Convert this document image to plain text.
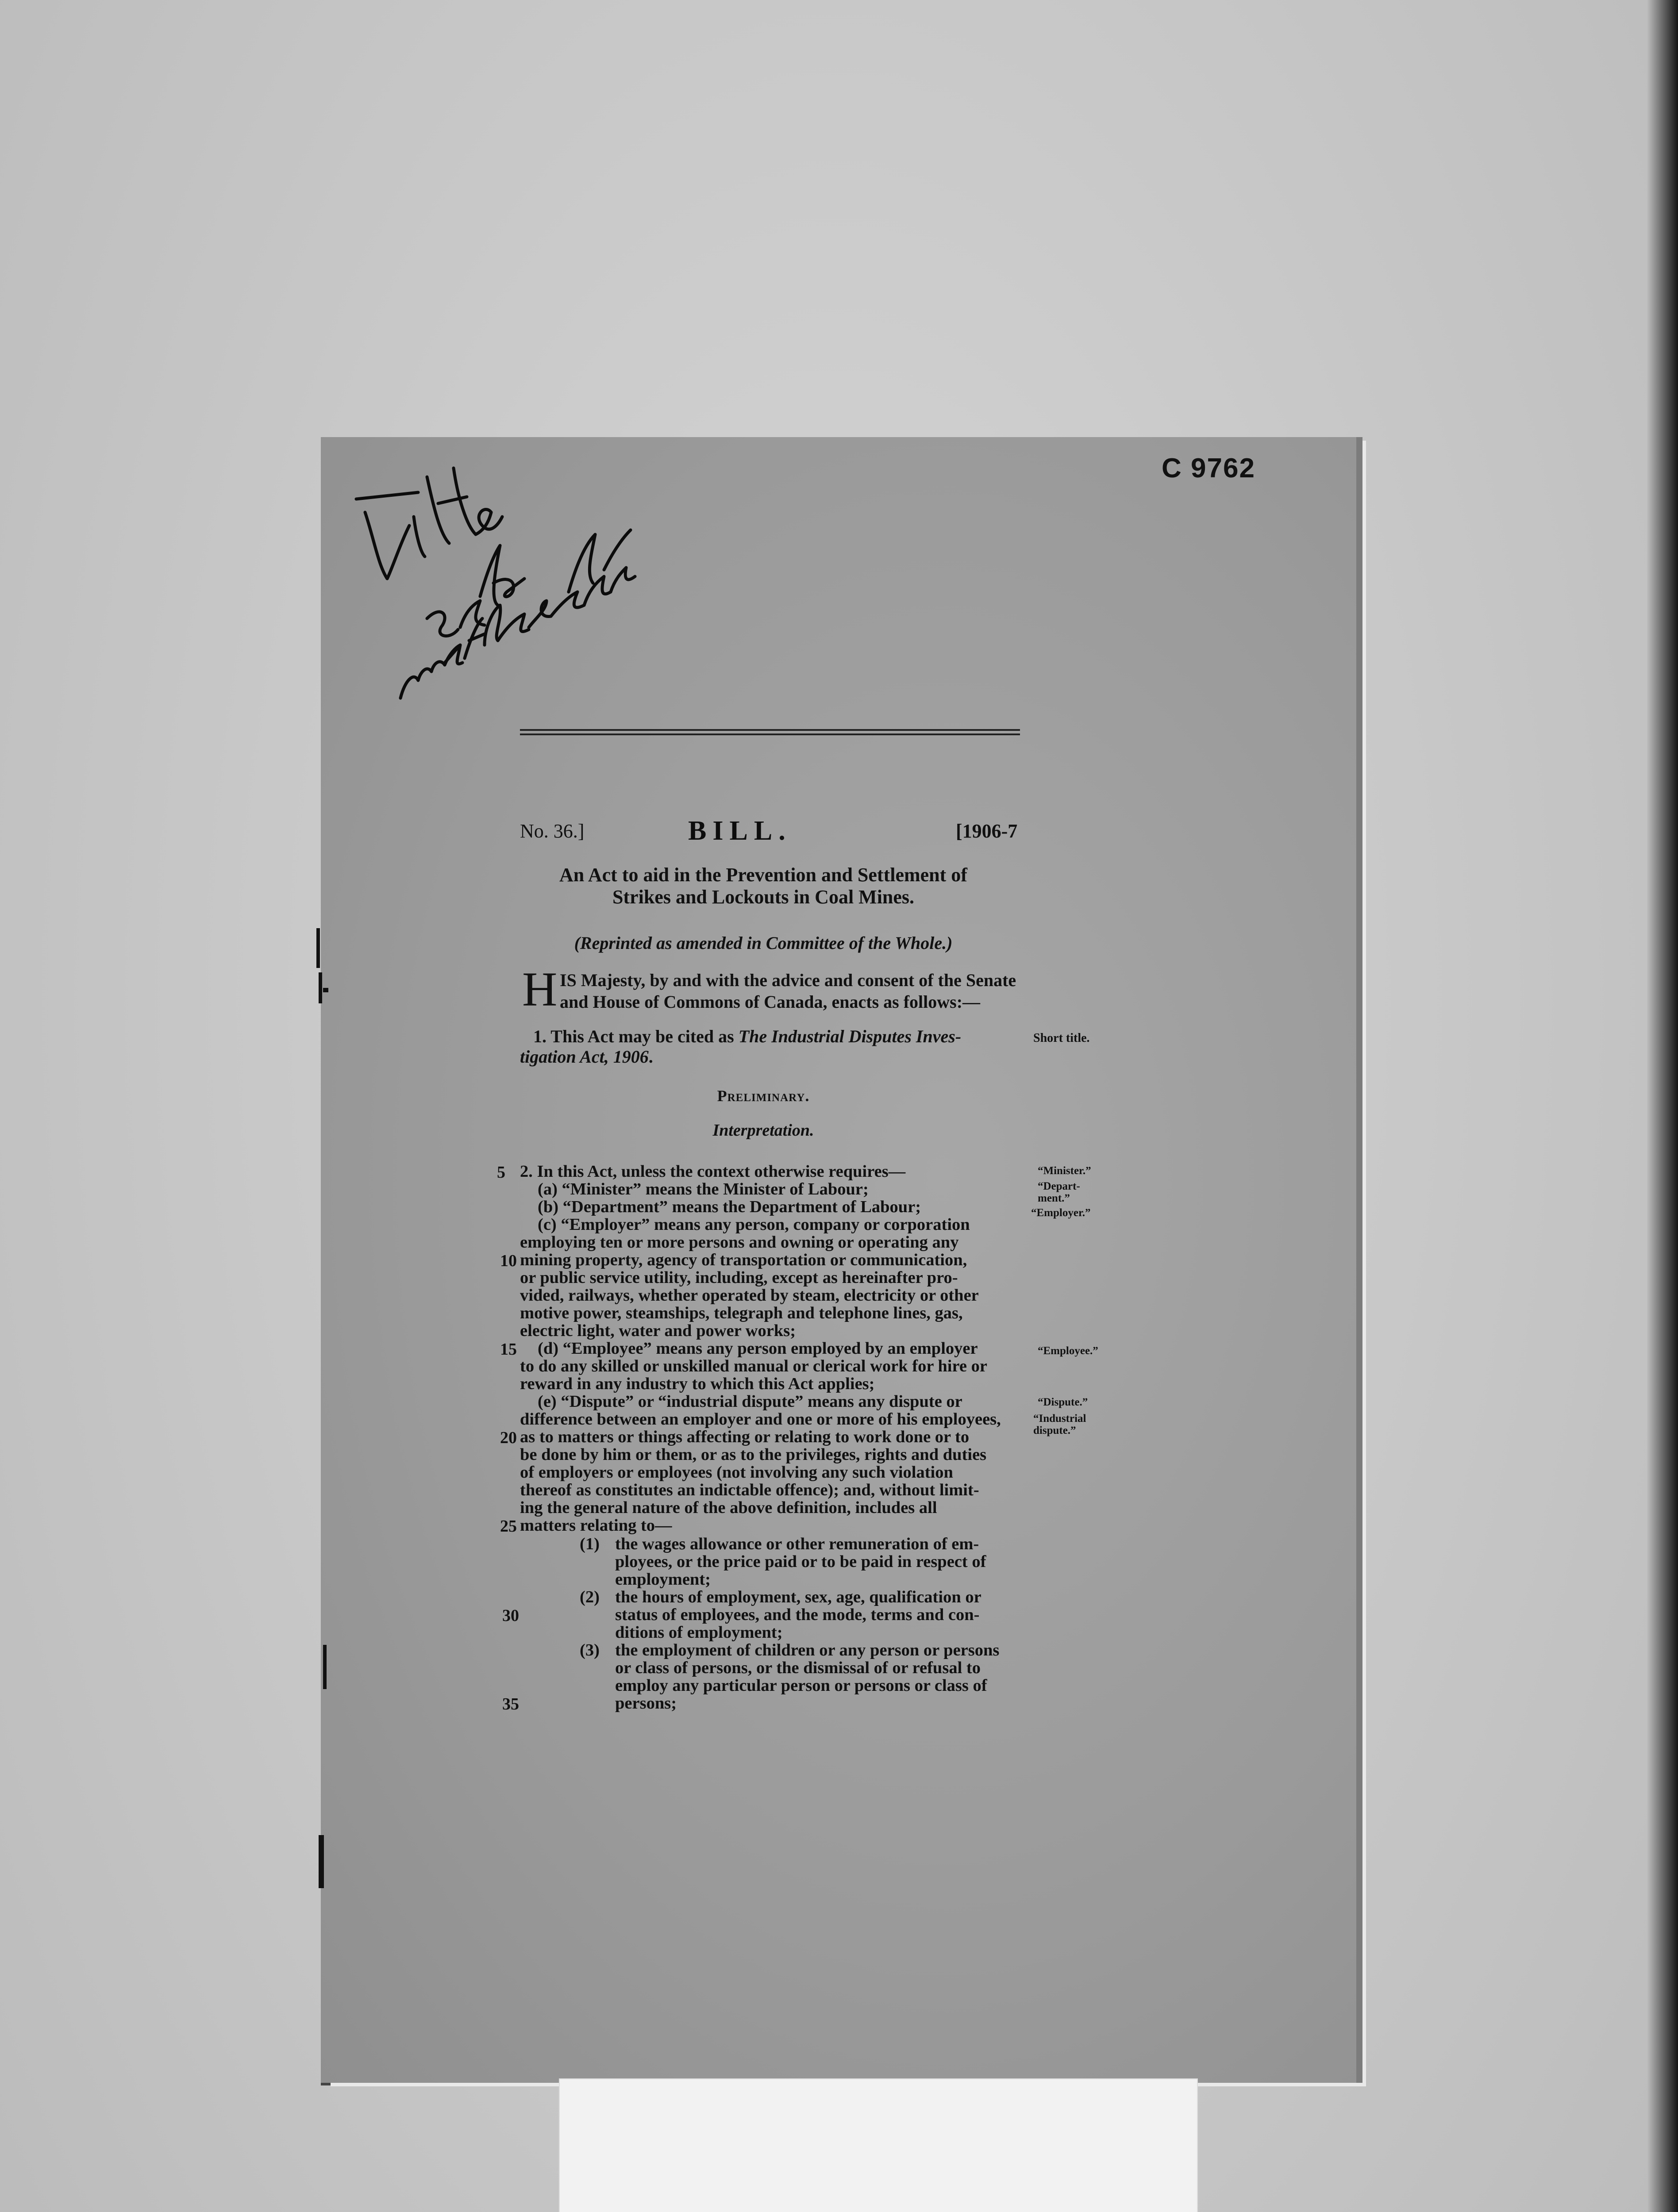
C 9762
No. 36.]	BILL.	[1906-7
An Act to aid in the Prevention and Settlement of
Strikes and Lockouts in Coal Mines.
(Reprinted as amended in Committee of the Whole.)
H IS Majesty, by and with the advice and consent of the Senate
and House of Commons of Canada, enacts as follows:—
1. This Act may be cited as The Industrial Disputes Inves-
tigation Act, 1906.
Short title.
Preliminary.
Interpretation.
2. In this Act, unless the context otherwise requires—
(a) “Minister” means the Minister of Labour;
(b) “Department” means the Department of Labour;
(c) “Employer” means any person, company or corporation
employing ten or more persons and owning or operating any
mining property, agency of transportation or communication,
or public service utility, including, except as hereinafter pro-
vided, railways, whether operated by steam, electricity or other
motive power, steamships, telegraph and telephone lines, gas,
electric light, water and power works;
(d) “Employee” means any person employed by an employer
to do any skilled or unskilled manual or clerical work for hire or
reward in any industry to which this Act applies;
(e) “Dispute” or “industrial dispute” means any dispute or
difference between an employer and one or more of his employees,
as to matters or things affecting or relating to work done or to
be done by him or them, or as to the privileges, rights and duties
of employers or employees (not involving any such violation
thereof as constitutes an indictable offence); and, without limit-
ing the general nature of the above definition, includes all
matters relating to—
(1) the wages allowance or other remuneration of em-
ployees, or the price paid or to be paid in respect of
employment;
(2) the hours of employment, sex, age, qualification or
status of employees, and the mode, terms and con-
ditions of employment;
(3) the employment of children or any person or persons
or class of persons, or the dismissal of or refusal to
employ any particular person or persons or class of
persons;
5
10
15
20
25
30
35
“Minister.”
“Depart-
ment.”
“Employer.”
“Employee.”
“Dispute.”
“Industrial
dispute.”
